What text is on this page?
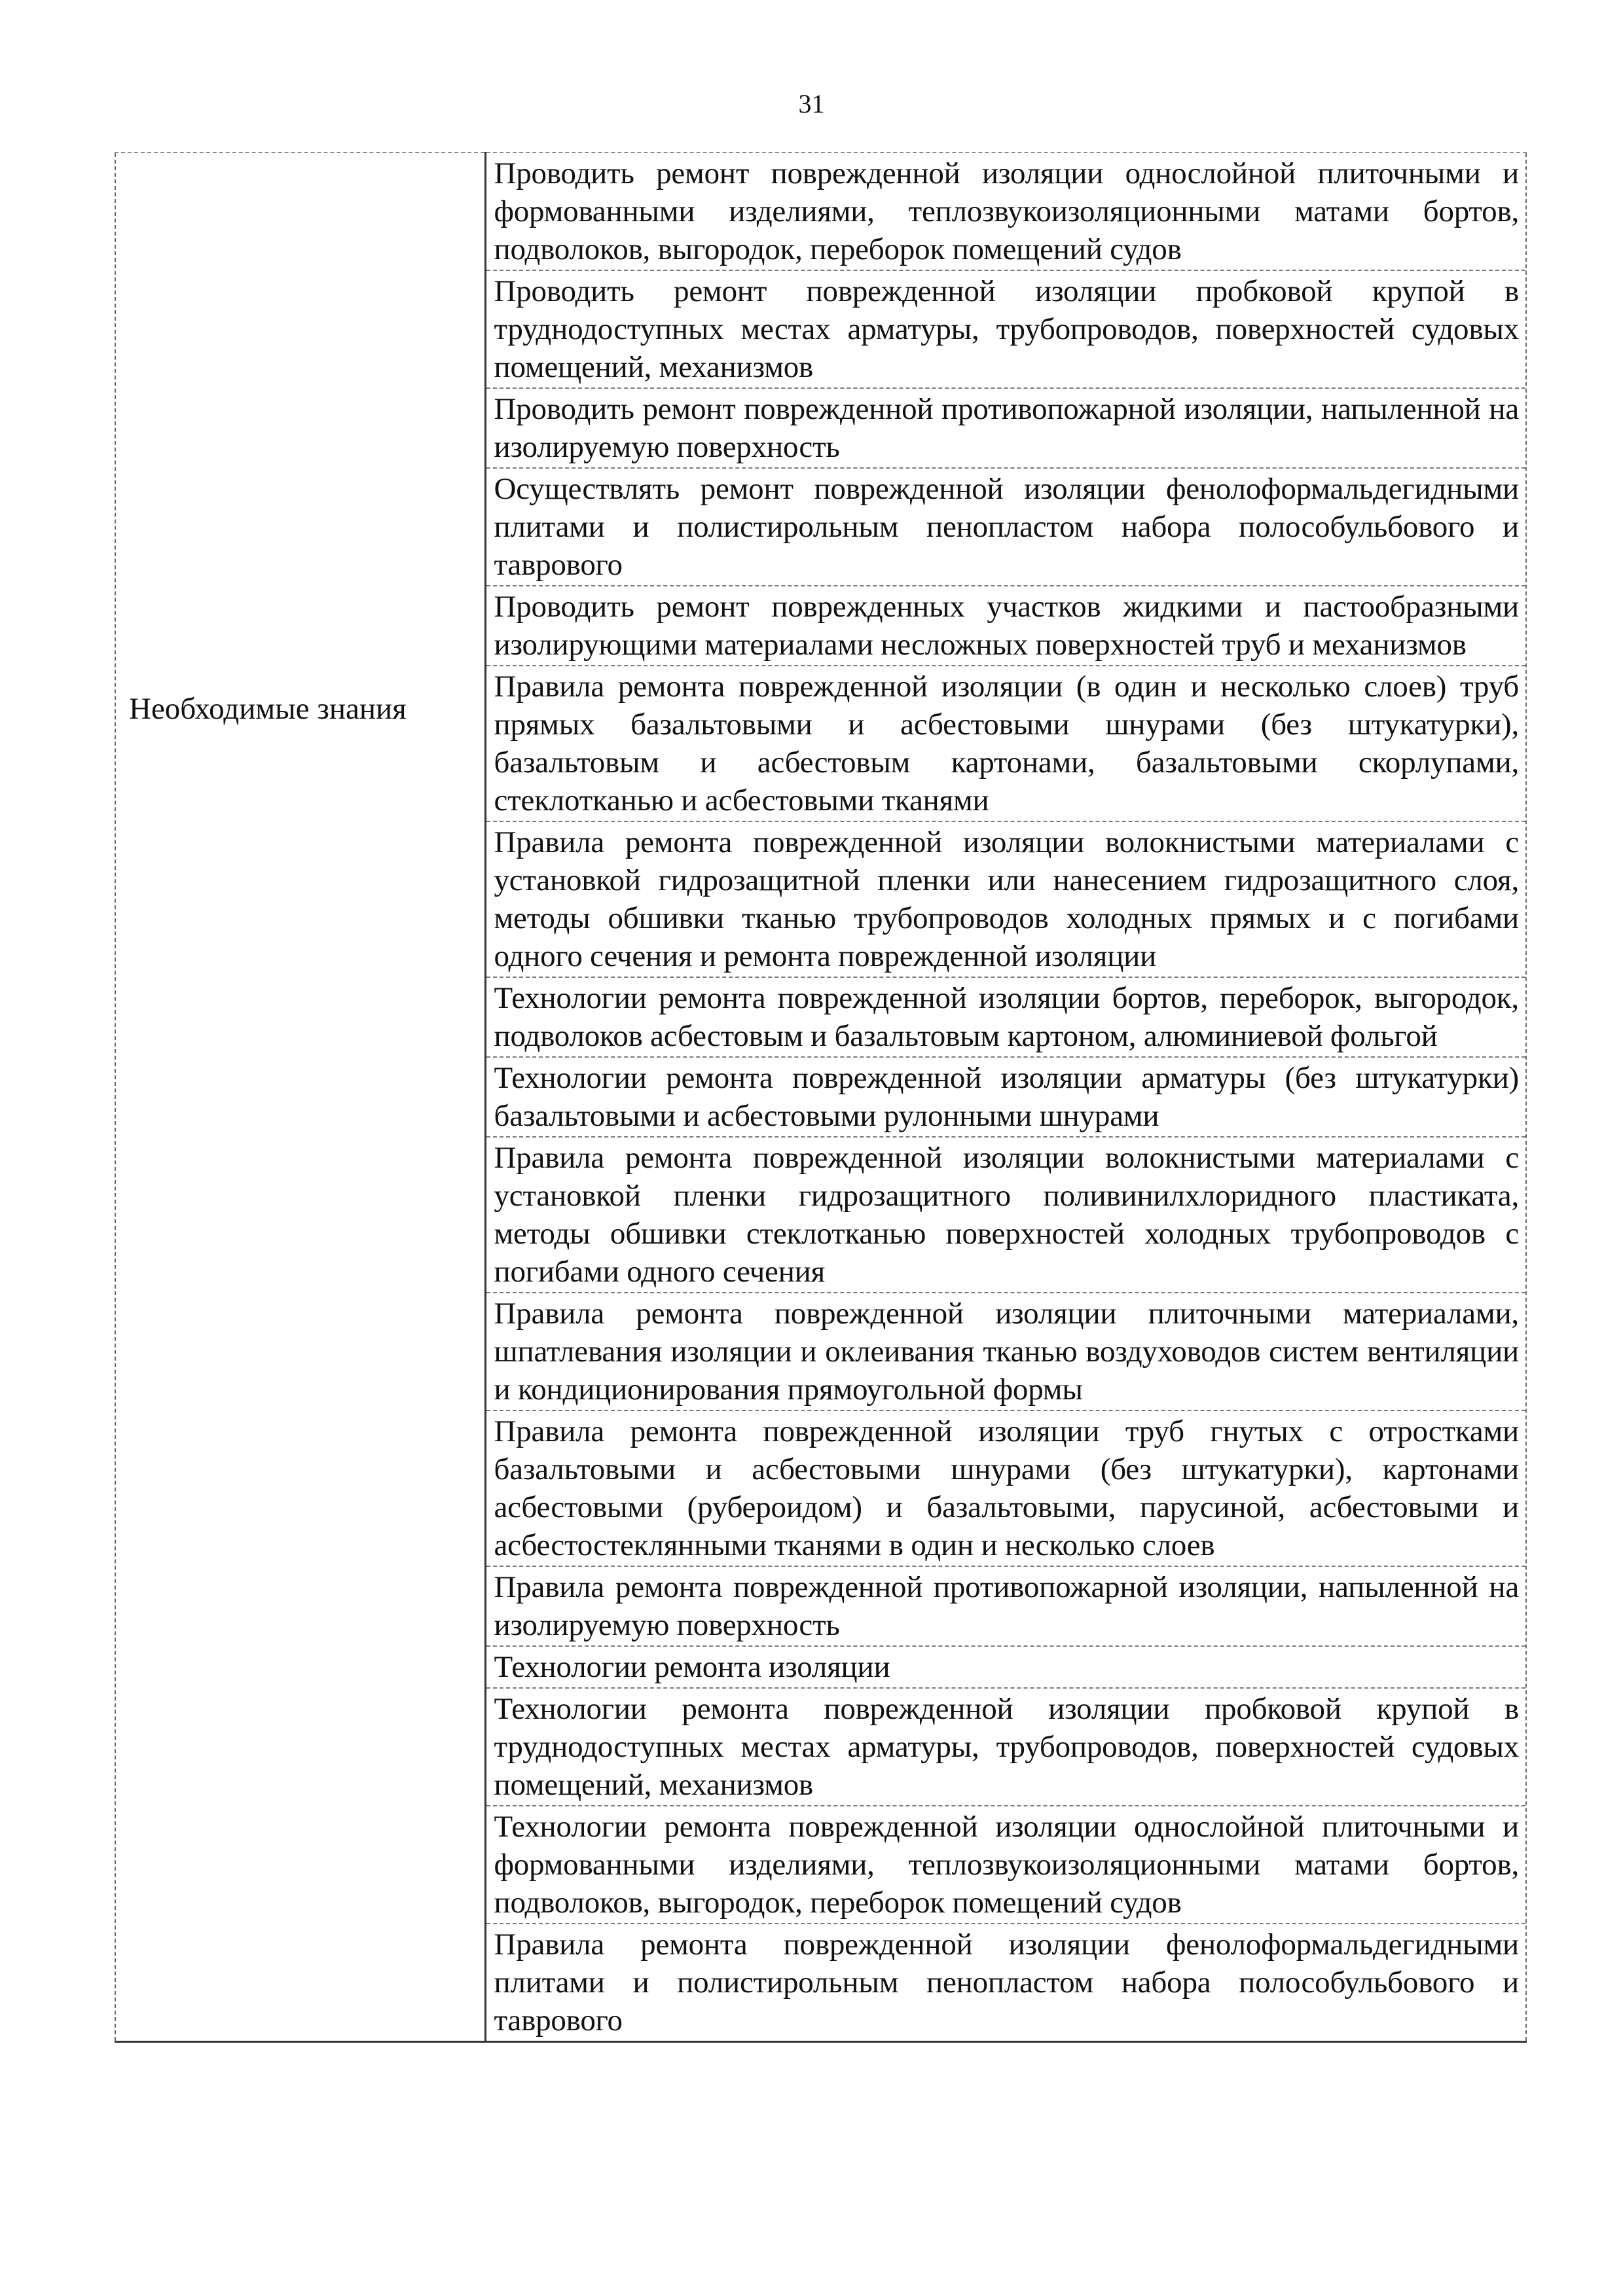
31
Необходимые знания

Проводить ремонт поврежденной изоляции однослойной плиточными и формованными изделиями, теплозвукоизоляционными матами бортов, подволоков, выгородок, переборок помещений судов
Проводить ремонт поврежденной изоляции пробковой крупой в труднодоступных местах арматуры, трубопроводов, поверхностей судовых помещений, механизмов
Проводить ремонт поврежденной противопожарной изоляции, напыленной на изолируемую поверхность
Осуществлять ремонт поврежденной изоляции фенолоформальдегидными плитами и полистирольным пенопластом набора полособульбового и таврового
Проводить ремонт поврежденных участков жидкими и пастообразными изолирующими материалами несложных поверхностей труб и механизмов
Правила ремонта поврежденной изоляции (в один и несколько слоев) труб прямых базальтовыми и асбестовыми шнурами (без штукатурки), базальтовым и асбестовым картонами, базальтовыми скорлупами, стеклотканью и асбестовыми тканями
Правила ремонта поврежденной изоляции волокнистыми материалами с установкой гидрозащитной пленки или нанесением гидрозащитного слоя, методы обшивки тканью трубопроводов холодных прямых и с погибами одного сечения и ремонта поврежденной изоляции
Технологии ремонта поврежденной изоляции бортов, переборок, выгородок, подволоков асбестовым и базальтовым картоном, алюминиевой фольгой
Технологии ремонта поврежденной изоляции арматуры (без штукатурки) базальтовыми и асбестовыми рулонными шнурами
Правила ремонта поврежденной изоляции волокнистыми материалами с установкой пленки гидрозащитного поливинилхлоридного пластиката, методы обшивки стеклотканью поверхностей холодных трубопроводов с погибами одного сечения
Правила ремонта поврежденной изоляции плиточными материалами, шпатлевания изоляции и оклеивания тканью воздуховодов систем вентиляции и кондиционирования прямоугольной формы
Правила ремонта поврежденной изоляции труб гнутых с отростками базальтовыми и асбестовыми шнурами (без штукатурки), картонами асбестовыми (рубероидом) и базальтовыми, парусиной, асбестовыми и асбестостеклянными тканями в один и несколько слоев
Правила ремонта поврежденной противопожарной изоляции, напыленной на изолируемую поверхность
Технологии ремонта изоляции
Технологии ремонта поврежденной изоляции пробковой крупой в труднодоступных местах арматуры, трубопроводов, поверхностей судовых помещений, механизмов
Технологии ремонта поврежденной изоляции однослойной плиточными и формованными изделиями, теплозвукоизоляционными матами бортов, подволоков, выгородок, переборок помещений судов
Правила ремонта поврежденной изоляции фенолоформальдегидными плитами и полистирольным пенопластом набора полособульбового и таврового
